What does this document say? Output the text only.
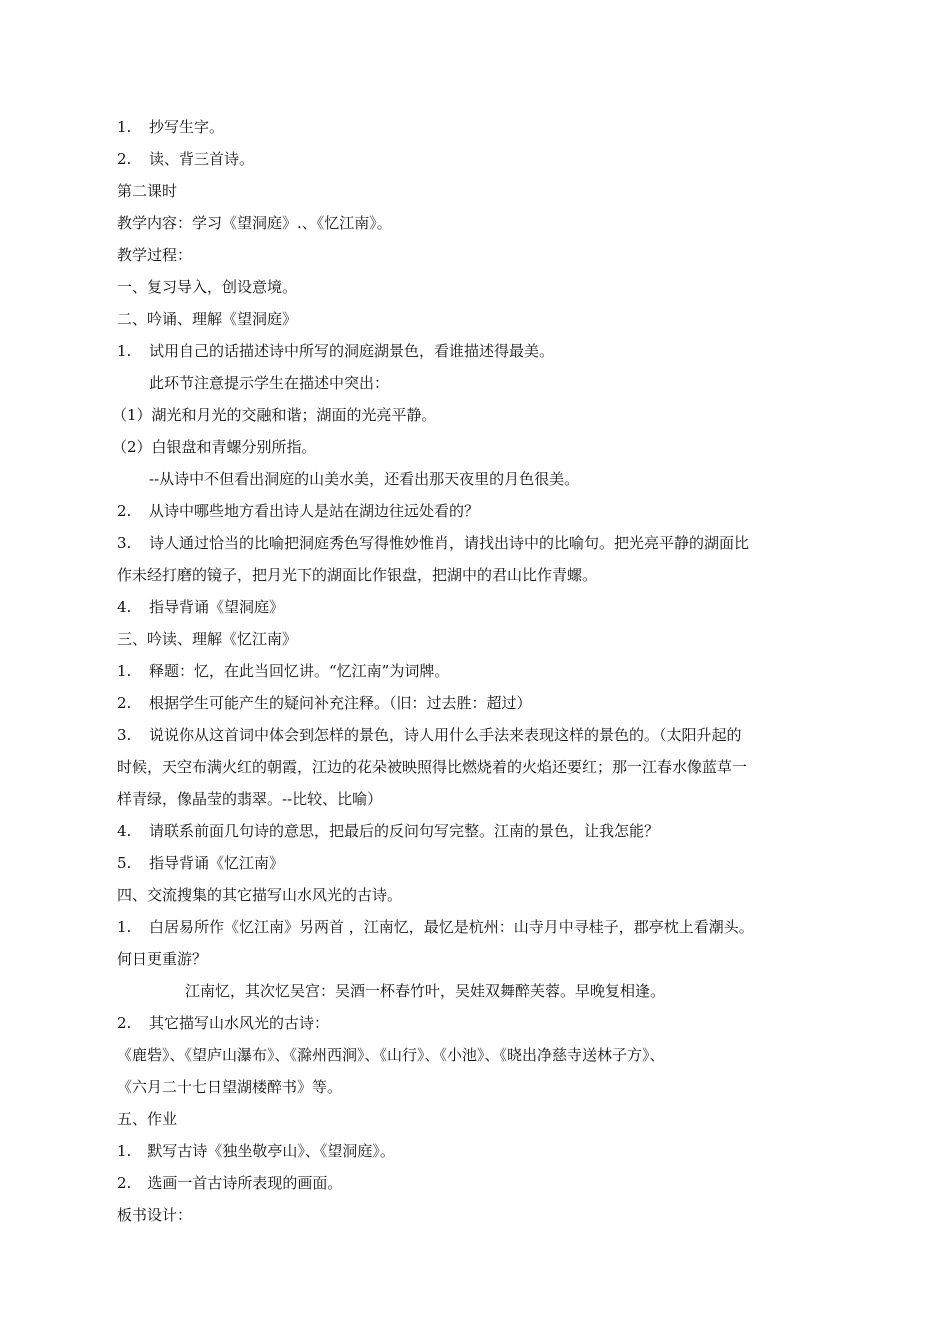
1. 抄写生字。
2. 读、背三首诗。
第二课时
教学内容：学习《望洞庭》.、《忆江南》。
教学过程：
一、复习导入，创设意境。
二、吟诵、理解《望洞庭》
1. 试用自己的话描述诗中所写的洞庭湖景色，看谁描述得最美。
此环节注意提示学生在描述中突出：
（1）湖光和月光的交融和谐；湖面的光亮平静。
（2）白银盘和青螺分别所指。
--从诗中不但看出洞庭的山美水美，还看出那天夜里的月色很美。
2. 从诗中哪些地方看出诗人是站在湖边往远处看的？
3. 诗人通过恰当的比喻把洞庭秀色写得惟妙惟肖，请找出诗中的比喻句。把光亮平静的湖面比
作未经打磨的镜子，把月光下的湖面比作银盘，把湖中的君山比作青螺。
4. 指导背诵《望洞庭》
三、吟读、理解《忆江南》
1. 释题：忆，在此当回忆讲。“忆江南”为词牌。
2. 根据学生可能产生的疑问补充注释。（旧：过去胜：超过）
3. 说说你从这首词中体会到怎样的景色，诗人用什么手法来表现这样的景色的。（太阳升起的
时候，天空布满火红的朝霞，江边的花朵被映照得比燃烧着的火焰还要红；那一江春水像蓝草一
样青绿，像晶莹的翡翠。--比较、比喻）
4. 请联系前面几句诗的意思，把最后的反问句写完整。江南的景色，让我怎能？
5. 指导背诵《忆江南》
四、交流搜集的其它描写山水风光的古诗。
1. 白居易所作《忆江南》另两首 ，江南忆，最忆是杭州：山寺月中寻桂子，郡亭枕上看潮头。
何日更重游？
江南忆，其次忆吴宫：吴酒一杯春竹叶，吴娃双舞醉芙蓉。早晚复相逢。
2. 其它描写山水风光的古诗：
《鹿砦》、《望庐山瀑布》、《滁州西涧》、《山行》、《小池》、《晓出净慈寺送林子方》、
《六月二十七日望湖楼醉书》等。
五、作业
1. 默写古诗《独坐敬亭山》、《望洞庭》。
2. 选画一首古诗所表现的画面。
板书设计：
